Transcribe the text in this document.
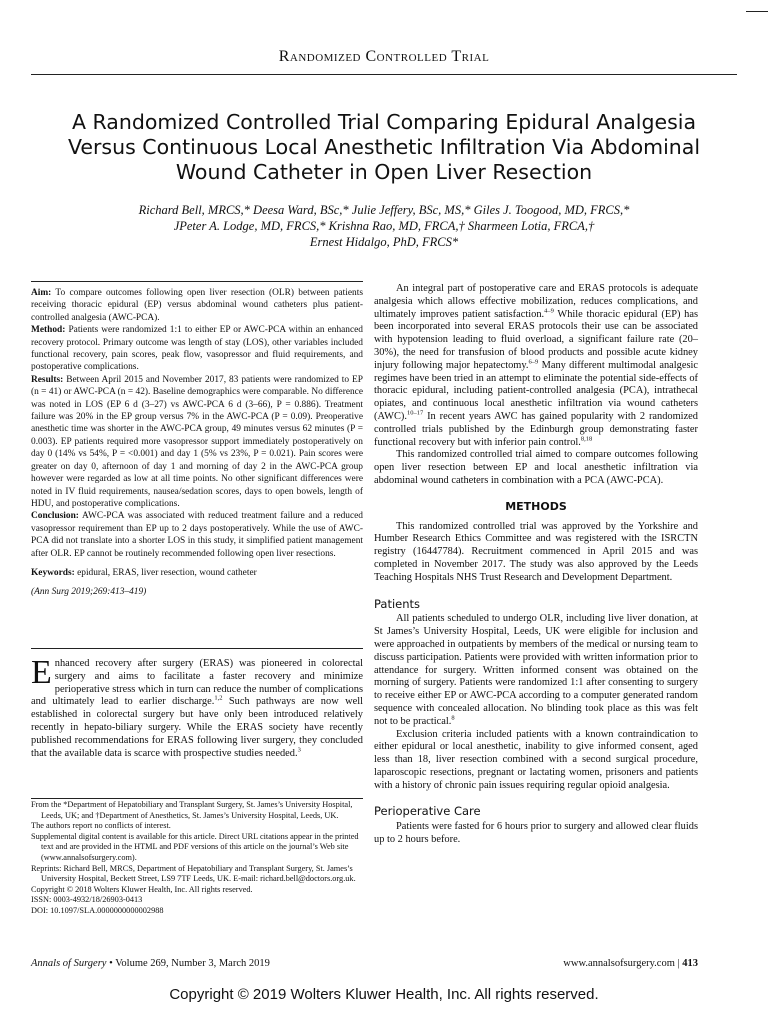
Randomized Controlled Trial
A Randomized Controlled Trial Comparing Epidural Analgesia
Versus Continuous Local Anesthetic Infiltration Via Abdominal
Wound Catheter in Open Liver Resection
Richard Bell, MRCS,* Deesa Ward, BSc,* Julie Jeffery, BSc, MS,* Giles J. Toogood, MD, FRCS,*
JPeter A. Lodge, MD, FRCS,* Krishna Rao, MD, FRCA,† Sharmeen Lotia, FRCA,†
Ernest Hidalgo, PhD, FRCS*

Aim: To compare outcomes following open liver resection (OLR) between patients receiving thoracic epidural (EP) versus abdominal wound catheters plus patient-controlled analgesia (AWC-PCA).

Method: Patients were randomized 1:1 to either EP or AWC-PCA within an enhanced recovery protocol. Primary outcome was length of stay (LOS), other variables included functional recovery, pain scores, peak flow, vasopressor and fluid requirements, and postoperative complications.

Results: Between April 2015 and November 2017, 83 patients were randomized to EP (n = 41) or AWC-PCA (n = 42). Baseline demographics were comparable. No difference was noted in LOS (EP 6 d (3–27) vs AWC-PCA 6 d (3–66), P = 0.886). Treatment failure was 20% in the EP group versus 7% in the AWC-PCA (P = 0.09). Preoperative anesthetic time was shorter in the AWC-PCA group, 49 minutes versus 62 minutes (P = 0.003). EP patients required more vasopressor support immediately postoperatively on day 0 (14% vs 54%, P = <0.001) and day 1 (5% vs 23%, P = 0.021). Pain scores were greater on day 0, afternoon of day 1 and morning of day 2 in the AWC-PCA group however were regarded as low at all time points. No other significant differences were noted in IV fluid requirements, nausea/sedation scores, days to open bowels, length of HDU, and postoperative complications.

Conclusion: AWC-PCA was associated with reduced treatment failure and a reduced vasopressor requirement than EP up to 2 days postoperatively. While the use of AWC-PCA did not translate into a shorter LOS in this study, it simplified patient management after OLR. EP cannot be routinely recommended following open liver resections.

Keywords: epidural, ERAS, liver resection, wound catheter

(Ann Surg 2019;269:413–419)

Enhanced recovery after surgery (ERAS) was pioneered in colorectal surgery and aims to facilitate a faster recovery and minimize perioperative stress which in turn can reduce the number of complications and ultimately lead to earlier discharge.$^{1,2}$ Such pathways are now well established in colorectal surgery but have only been introduced relatively recently in hepato-biliary surgery. While the ERAS society have recently published recommendations for ERAS following liver surgery, they concluded that the available data is scarce with prospective studies needed.$^3$

From the *Department of Hepatobiliary and Transplant Surgery, St. James’s University Hospital, Leeds, UK; and †Department of Anesthetics, St. James’s University Hospital, Leeds, UK.

The authors report no conflicts of interest.

Supplemental digital content is available for this article. Direct URL citations appear in the printed text and are provided in the HTML and PDF versions of this article on the journal’s Web site (www.annalsofsurgery.com).

Reprints: Richard Bell, MRCS, Department of Hepatobiliary and Transplant Surgery, St. James’s University Hospital, Beckett Street, LS9 7TF Leeds, UK. E-mail: richard.bell@doctors.org.uk.

Copyright © 2018 Wolters Kluwer Health, Inc. All rights reserved.

ISSN: 0003-4932/18/26903-0413

DOI: 10.1097/SLA.0000000000002988

An integral part of postoperative care and ERAS protocols is adequate analgesia which allows effective mobilization, reduces complications, and ultimately improves patient satisfaction.$^{4-9}$ While thoracic epidural (EP) has been incorporated into several ERAS protocols their use can be associated with hypotension leading to fluid overload, a significant failure rate (20–30%), the need for transfusion of blood products and possible acute kidney injury following major hepatectomy.$^{6-9}$ Many different multimodal analgesic regimes have been tried in an attempt to eliminate the potential side-effects of thoracic epidural, including patient-controlled analgesia (PCA), intrathecal opiates, and continuous local anesthetic infiltration via wound catheters (AWC).$^{10-17}$ In recent years AWC has gained popularity with 2 randomized controlled trials published by the Edinburgh group demonstrating faster functional recovery but with inferior pain control.$^{8,18}$

This randomized controlled trial aimed to compare outcomes following open liver resection between EP and local anesthetic infiltration via abdominal wound catheters in combination with a PCA (AWC-PCA).

METHODS

This randomized controlled trial was approved by the Yorkshire and Humber Research Ethics Committee and was registered with the ISRCTN registry (16447784). Recruitment commenced in April 2015 and was completed in November 2017. The study was also approved by the Leeds Teaching Hospitals NHS Trust Research and Development Department.

Patients

All patients scheduled to undergo OLR, including live liver donation, at St James’s University Hospital, Leeds, UK were eligible for inclusion and were approached in outpatients by members of the medical or nursing team to discuss participation. Patients were provided with written information prior to attendance for surgery. Written informed consent was obtained on the morning of surgery. Patients were randomized 1:1 after consenting to surgery to receive either EP or AWC-PCA according to a computer generated random sequence with concealed allocation. No blinding took place as this was felt not to be practical.$^8$

Exclusion criteria included patients with a known contraindication to either epidural or local anesthetic, inability to give informed consent, aged less than 18, liver resection combined with a second surgical procedure, laparoscopic resections, pregnant or lactating women, prisoners and patients with a history of chronic pain issues requiring regular opioid analgesia.

Perioperative Care

Patients were fasted for 6 hours prior to surgery and allowed clear fluids up to 2 hours before.

Annals of Surgery • Volume 269, Number 3, March 2019	www.annalsofsurgery.com | 413
Copyright © 2019 Wolters Kluwer Health, Inc. All rights reserved.
